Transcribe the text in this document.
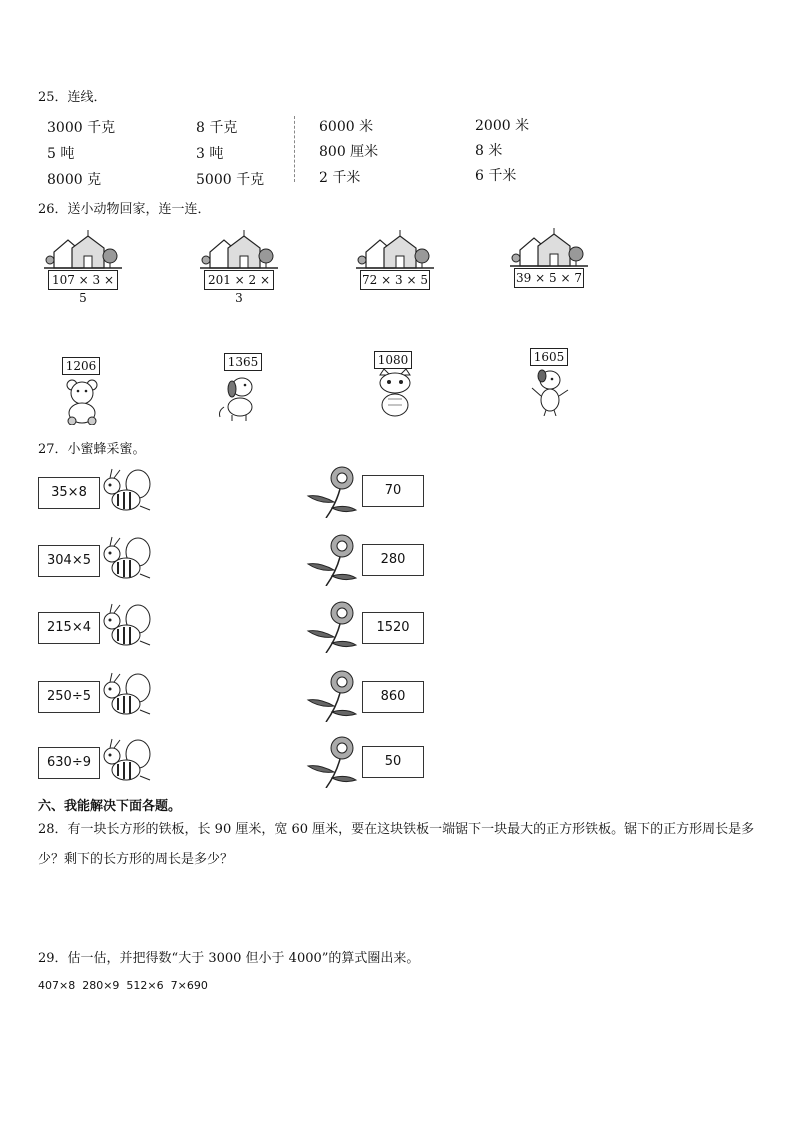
25．连线．
3000 千克
5 吨
8000 克
8 千克
3 吨
5000 千克
6000 米
800 厘米
2 千米
2000 米
8 米
6 千米
26．送小动物回家，连一连．
107 × 3 × 5
201 × 2 × 3
72 × 3 × 5	39 × 5 × 7
1206	1365	1080	1605
27．小蜜蜂采蜜。
35×8	70
304×5	280
215×4	1520
250÷5	860
630÷9	50
六、我能解决下面各题。
28．有一块长方形的铁板，长 90 厘米，宽 60 厘米，要在这块铁板一端锯下一块最大的正方形铁板。锯下的正方形周长是多少？剩下的长方形的周长是多少？
29．估一估，并把得数“大于 3000 但小于 4000”的算式圈出来。
407×8  280×9  512×6  7×690
